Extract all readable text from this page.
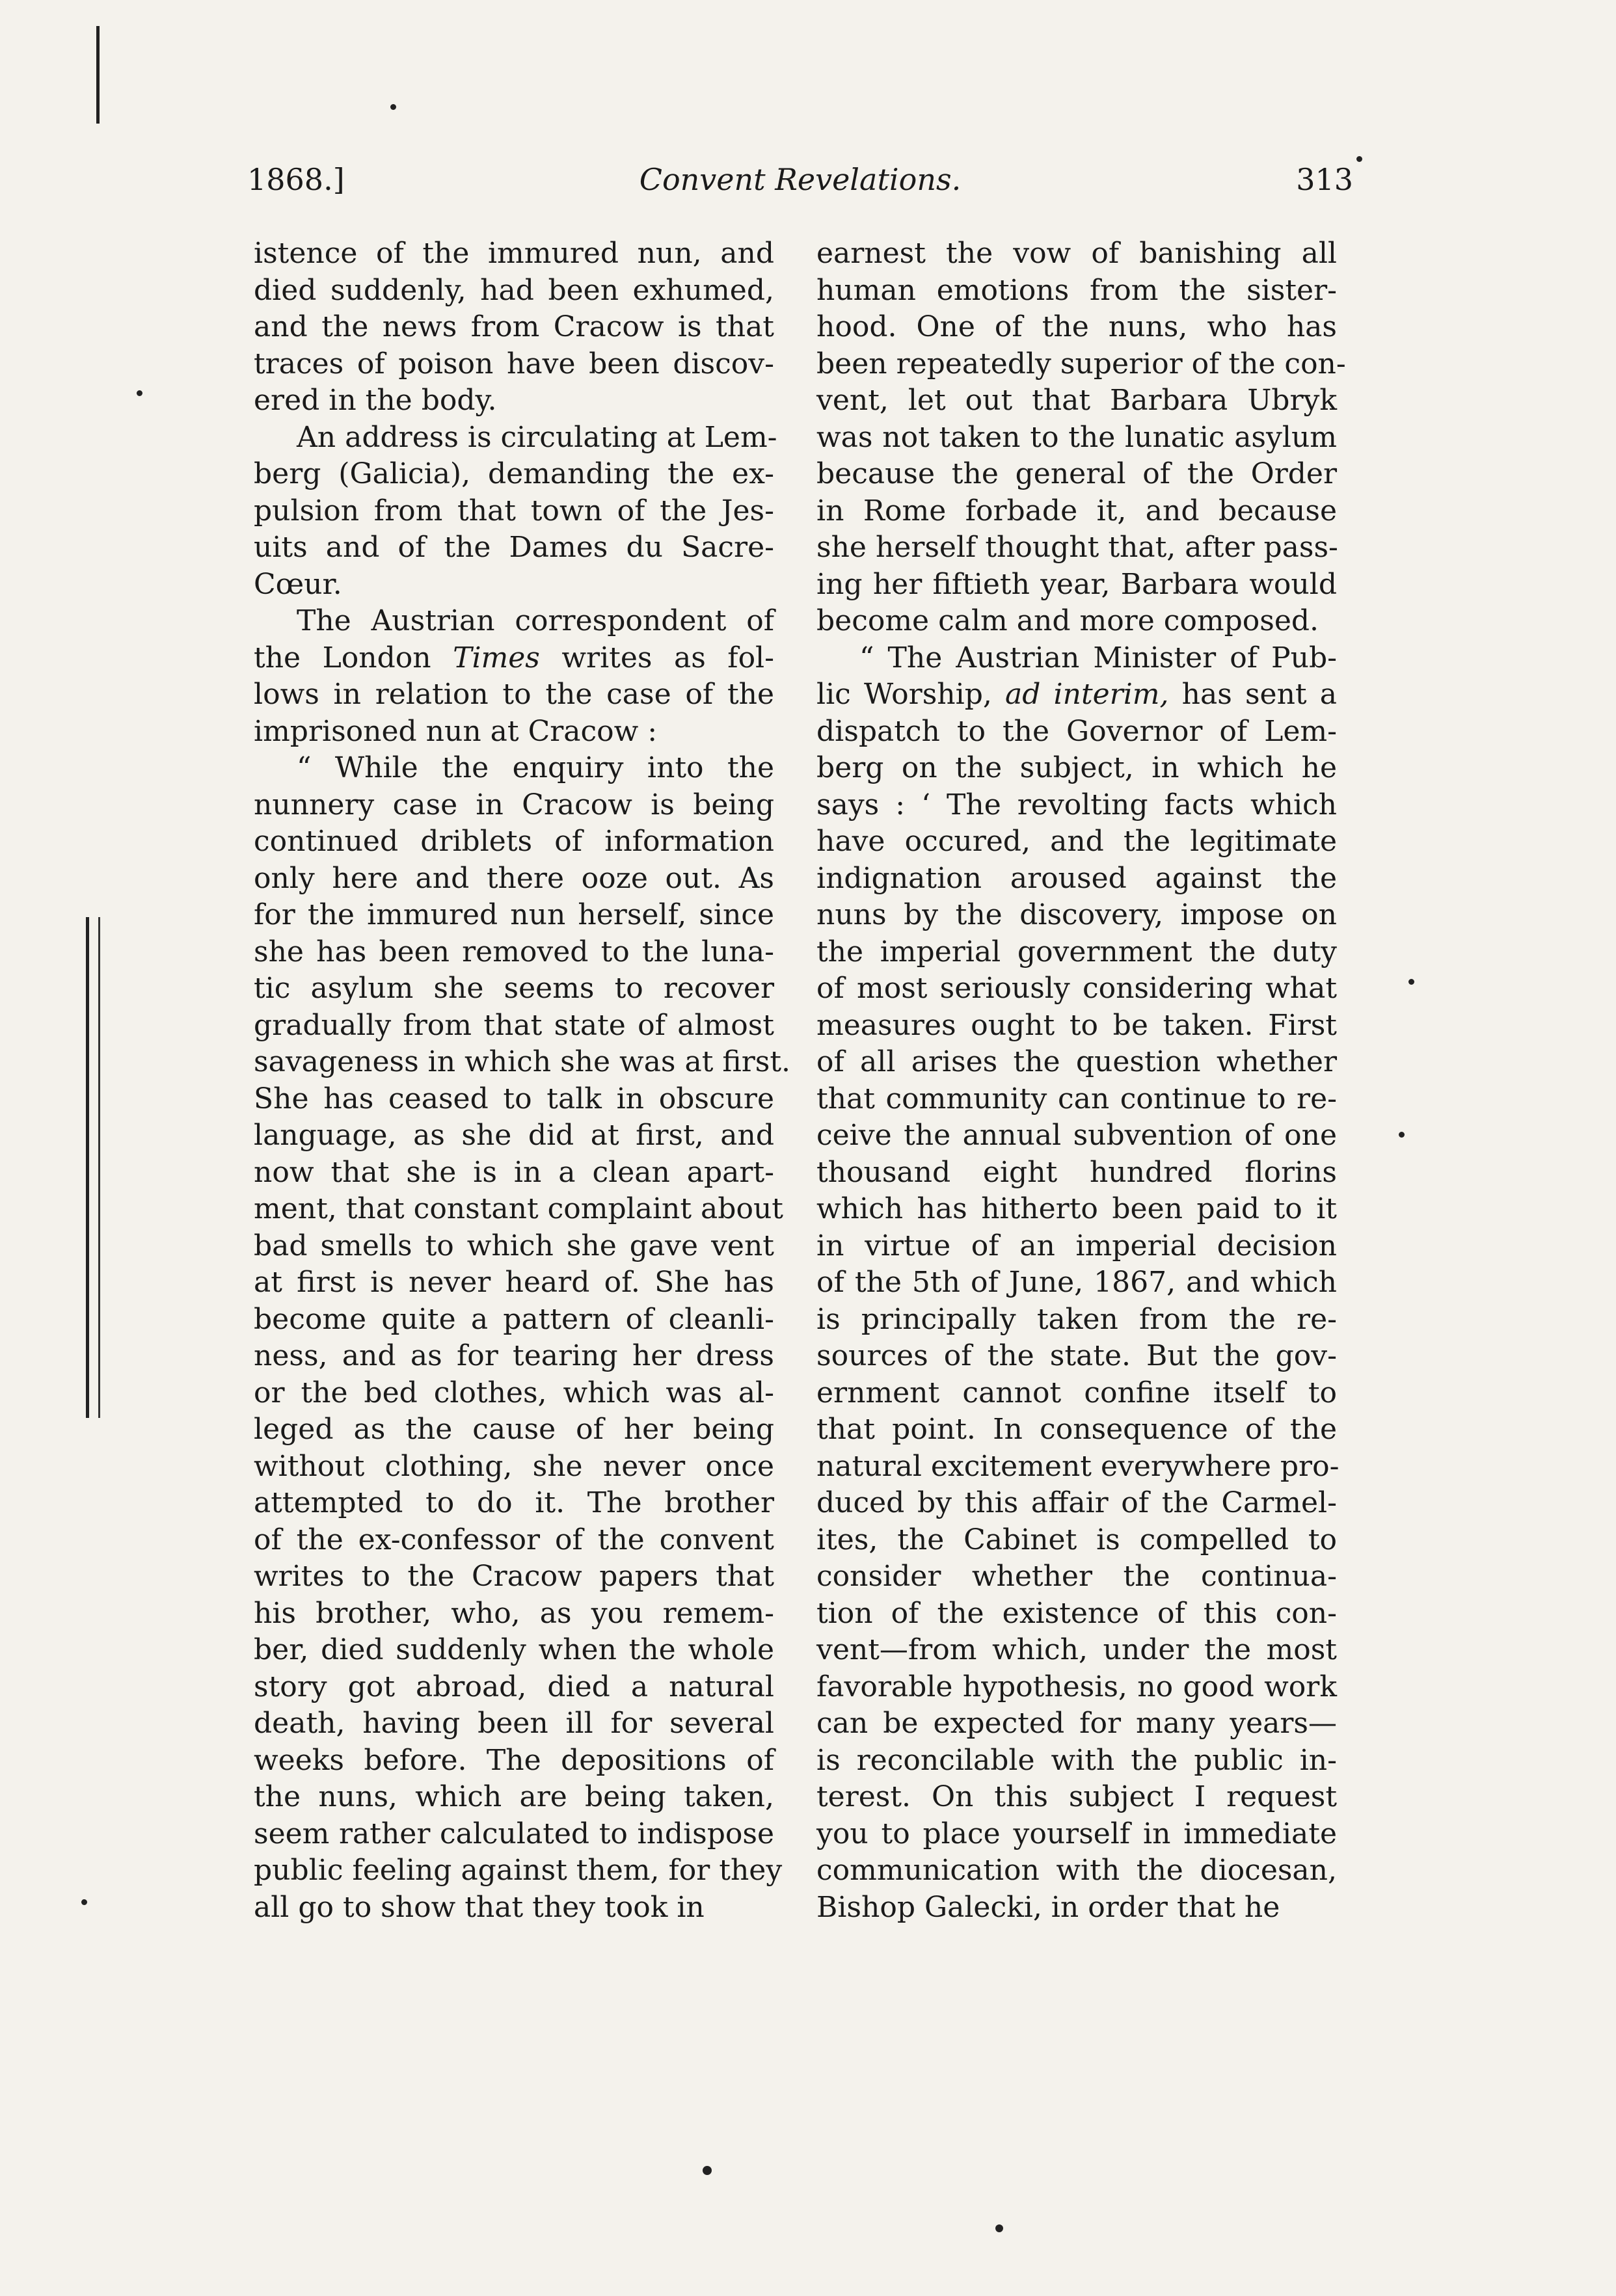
1868.]	Convent Revelations.	313
istence of the immured nun, and
died suddenly, had been exhumed,
and the news from Cracow is that
traces of poison have been discov-
ered in the body.
An address is circulating at Lem-
berg (Galicia), demanding the ex-
pulsion from that town of the Jes-
uits and of the Dames du Sacre-
Cœur.
The Austrian correspondent of
the London Times writes as fol-
lows in relation to the case of the
imprisoned nun at Cracow :
“ While the enquiry into the
nunnery case in Cracow is being
continued driblets of information
only here and there ooze out. As
for the immured nun herself, since
she has been removed to the luna-
tic asylum she seems to recover
gradually from that state of almost
savageness in which she was at first.
She has ceased to talk in obscure
language, as she did at first, and
now that she is in a clean apart-
ment, that constant complaint about
bad smells to which she gave vent
at first is never heard of. She has
become quite a pattern of cleanli-
ness, and as for tearing her dress
or the bed clothes, which was al-
leged as the cause of her being
without clothing, she never once
attempted to do it. The brother
of the ex-confessor of the convent
writes to the Cracow papers that
his brother, who, as you remem-
ber, died suddenly when the whole
story got abroad, died a natural
death, having been ill for several
weeks before. The depositions of
the nuns, which are being taken,
seem rather calculated to indispose
public feeling against them, for they
all go to show that they took in
earnest the vow of banishing all
human emotions from the sister-
hood. One of the nuns, who has
been repeatedly superior of the con-
vent, let out that Barbara Ubryk
was not taken to the lunatic asylum
because the general of the Order
in Rome forbade it, and because
she herself thought that, after pass-
ing her fiftieth year, Barbara would
become calm and more composed.
“ The Austrian Minister of Pub-
lic Worship, ad interim, has sent a
dispatch to the Governor of Lem-
berg on the subject, in which he
says : ‘ The revolting facts which
have occured, and the legitimate
indignation aroused against the
nuns by the discovery, impose on
the imperial government the duty
of most seriously considering what
measures ought to be taken. First
of all arises the question whether
that community can continue to re-
ceive the annual subvention of one
thousand eight hundred florins
which has hitherto been paid to it
in virtue of an imperial decision
of the 5th of June, 1867, and which
is principally taken from the re-
sources of the state. But the gov-
ernment cannot confine itself to
that point. In consequence of the
natural excitement everywhere pro-
duced by this affair of the Carmel-
ites, the Cabinet is compelled to
consider whether the continua-
tion of the existence of this con-
vent—from which, under the most
favorable hypothesis, no good work
can be expected for many years—
is reconcilable with the public in-
terest. On this subject I request
you to place yourself in immediate
communication with the diocesan,
Bishop Galecki, in order that he
